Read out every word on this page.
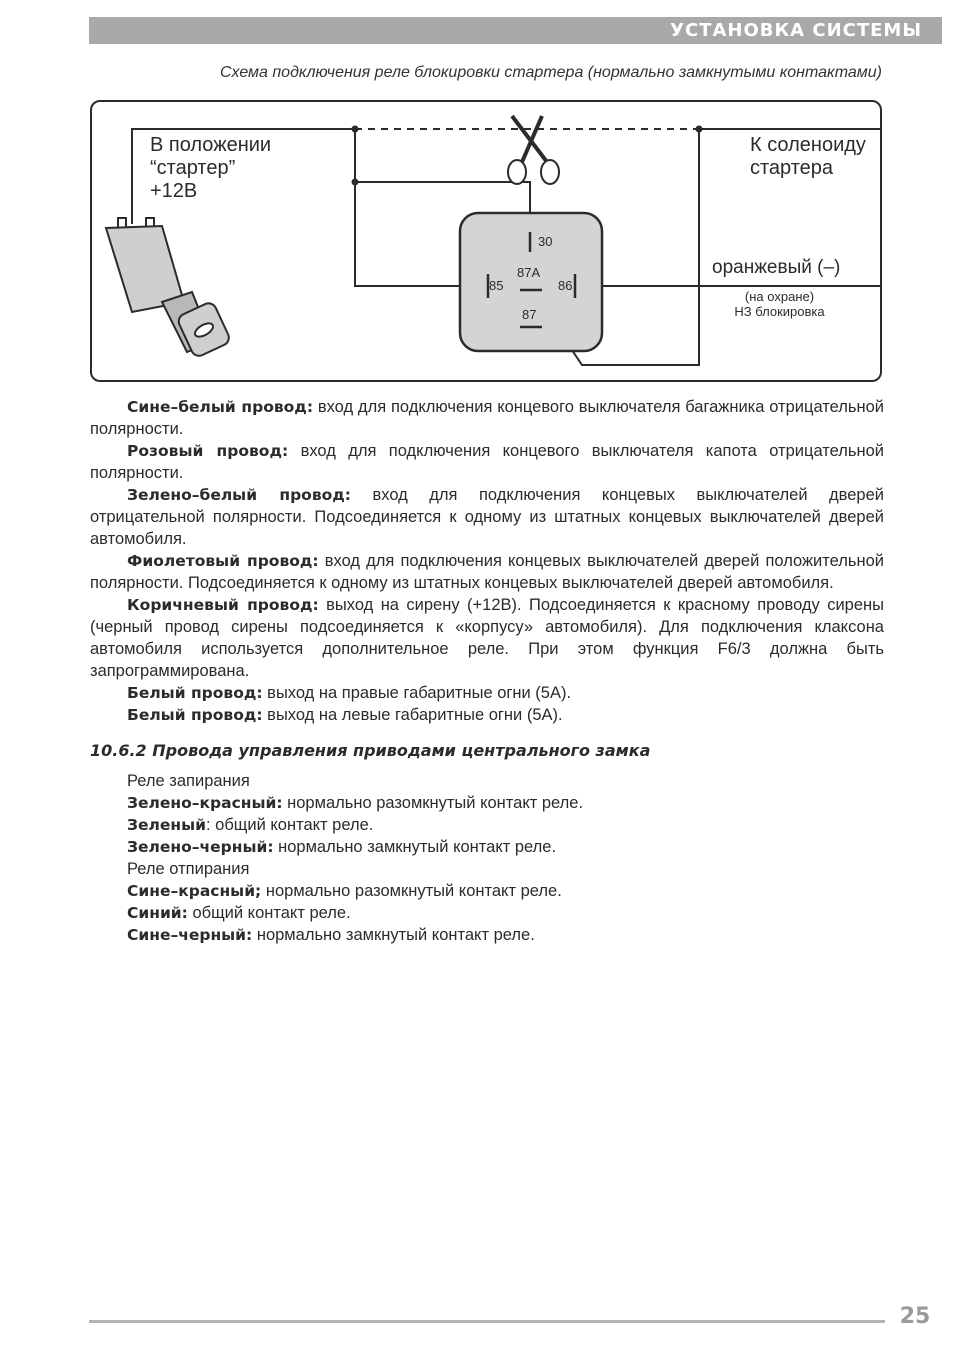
УСТАНОВКА СИСТЕМЫ
Схема подключения реле блокировки стартера (нормально замкнутыми контактами)
В положении
“стартер”
+12В
К соленоиду
стартера
30
85
87A
86
87
оранжевый (–)
(на охране)
НЗ блокировка

Сине–белый провод: вход для подключения концевого выключателя багажника отрицательной полярности.

Розовый провод: вход для подключения концевого выключателя капота отрицательной полярности.

Зелено–белый провод: вход для подключения концевых выключателей дверей отрицательной полярности. Подсоединяется к одному из штатных концевых выключателей дверей автомобиля.

Фиолетовый провод: вход для подключения концевых выключателей дверей положительной полярности. Подсоединяется к одному из штатных концевых выключателей дверей автомобиля.

Коричневый провод: выход на сирену (+12В). Подсоединяется к красному проводу сирены (черный провод сирены подсоединяется к «корпусу» автомобиля). Для подключения клаксона автомобиля используется дополнительное реле. При этом функция F6/3 должна быть запрограммирована.

Белый провод: выход на правые габаритные огни (5А).

Белый провод: выход на левые габаритные огни (5А).

10.6.2 Провода управления приводами центрального замка

Реле запирания

Зелено–красный: нормально разомкнутый контакт реле.

Зеленый: общий контакт реле.

Зелено–черный: нормально замкнутый контакт реле.

Реле отпирания

Сине–красный; нормально разомкнутый контакт реле.

Синий: общий контакт реле.

Сине–черный: нормально замкнутый контакт реле.

25
